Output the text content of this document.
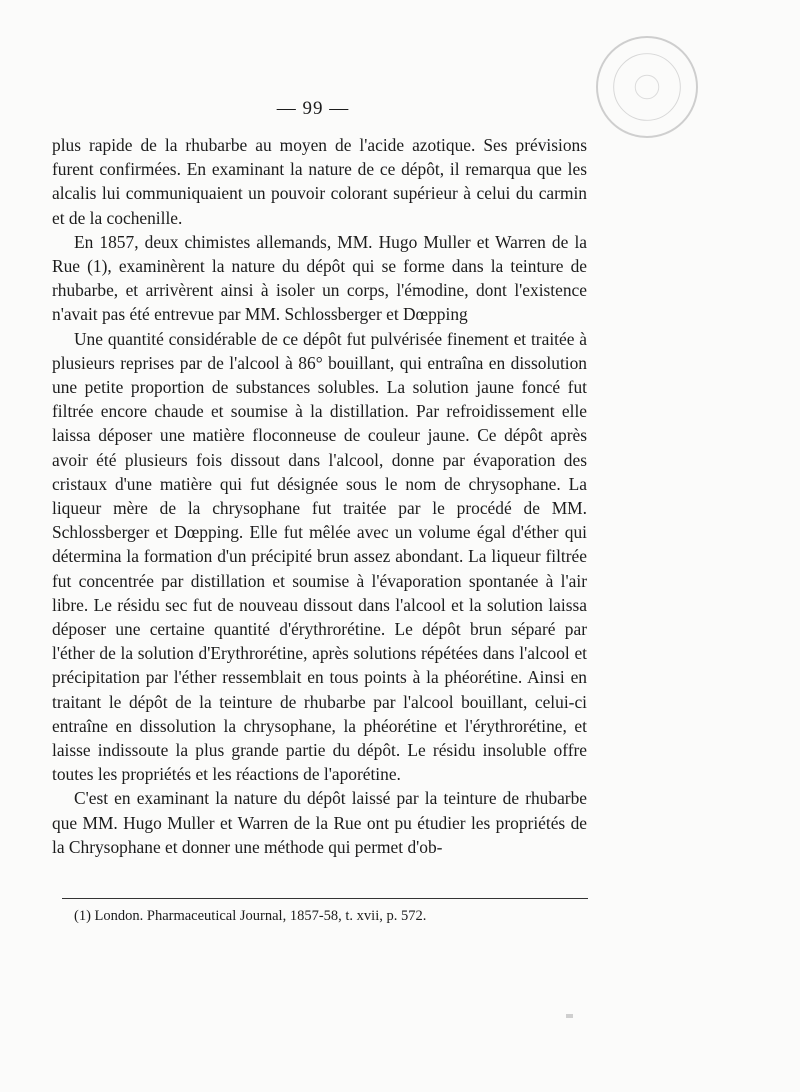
— 99 —

plus rapide de la rhubarbe au moyen de l'acide azotique. Ses prévisions furent confirmées. En examinant la nature de ce dépôt, il remarqua que les alcalis lui communiquaient un pouvoir colorant supérieur à celui du carmin et de la cochenille.

En 1857, deux chimistes allemands, MM. Hugo Muller et Warren de la Rue (1), examinèrent la nature du dépôt qui se forme dans la teinture de rhubarbe, et arrivèrent ainsi à isoler un corps, l'émodine, dont l'existence n'avait pas été entrevue par MM. Schlossberger et Dœpping

Une quantité considérable de ce dépôt fut pulvérisée finement et traitée à plusieurs reprises par de l'alcool à 86° bouillant, qui entraîna en dissolution une petite proportion de substances solubles. La solution jaune foncé fut filtrée encore chaude et soumise à la distillation. Par refroidissement elle laissa déposer une matière floconneuse de couleur jaune. Ce dépôt après avoir été plusieurs fois dissout dans l'alcool, donne par évaporation des cristaux d'une matière qui fut désignée sous le nom de chrysophane. La liqueur mère de la chrysophane fut traitée par le procédé de MM. Schlossberger et Dœpping. Elle fut mêlée avec un volume égal d'éther qui détermina la formation d'un précipité brun assez abondant. La liqueur filtrée fut concentrée par distillation et soumise à l'évaporation spontanée à l'air libre. Le résidu sec fut de nouveau dissout dans l'alcool et la solution laissa déposer une certaine quantité d'érythrorétine. Le dépôt brun séparé par l'éther de la solution d'Erythrorétine, après solutions répétées dans l'alcool et précipitation par l'éther ressemblait en tous points à la phéorétine. Ainsi en traitant le dépôt de la teinture de rhubarbe par l'alcool bouillant, celui-ci entraîne en dissolution la chrysophane, la phéorétine et l'érythrorétine, et laisse indissoute la plus grande partie du dépôt. Le résidu insoluble offre toutes les propriétés et les réactions de l'aporétine.

C'est en examinant la nature du dépôt laissé par la teinture de rhubarbe que MM. Hugo Muller et Warren de la Rue ont pu étudier les propriétés de la Chrysophane et donner une méthode qui permet d'ob-

(1) London. Pharmaceutical Journal, 1857-58, t. xvii, p. 572.
